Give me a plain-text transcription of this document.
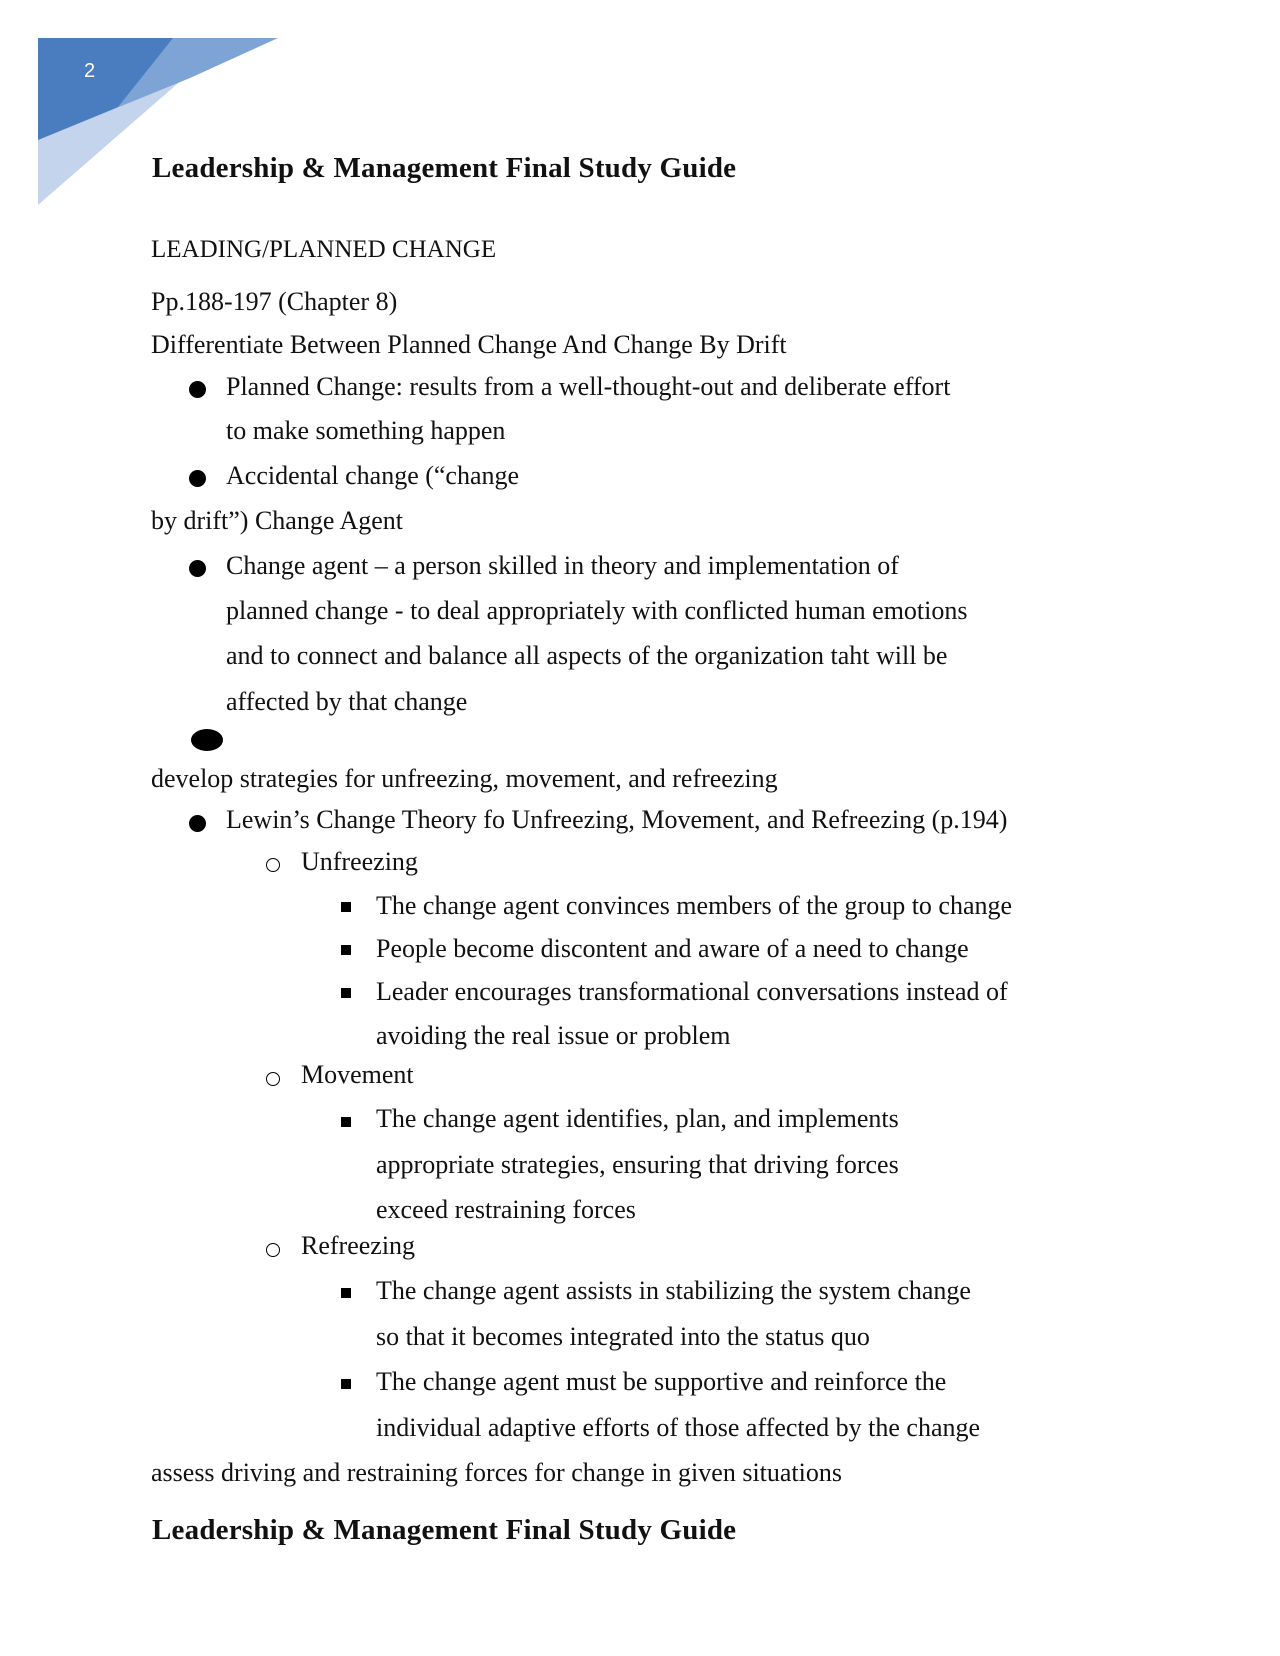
2
Leadership & Management Final Study Guide
LEADING/PLANNED CHANGE
Pp.188-197 (Chapter 8)
Differentiate Between Planned Change And Change By Drift
Planned Change: results from a well-thought-out and deliberate effort
to make something happen
Accidental change (“change
by drift”) Change Agent
Change agent – a person skilled in theory and implementation of
planned change - to deal appropriately with conflicted human emotions
and to connect and balance all aspects of the organization taht will be
affected by that change
develop strategies for unfreezing, movement, and refreezing
Lewin’s Change Theory fo Unfreezing, Movement, and Refreezing (p.194)
Unfreezing
The change agent convinces members of the group to change
People become discontent and aware of a need to change
Leader encourages transformational conversations instead of
avoiding the real issue or problem
Movement
The change agent identifies, plan, and implements
appropriate strategies, ensuring that driving forces
exceed restraining forces
Refreezing
The change agent assists in stabilizing the system change
so that it becomes integrated into the status quo
The change agent must be supportive and reinforce the
individual adaptive efforts of those affected by the change
assess driving and restraining forces for change in given situations
Leadership & Management Final Study Guide
